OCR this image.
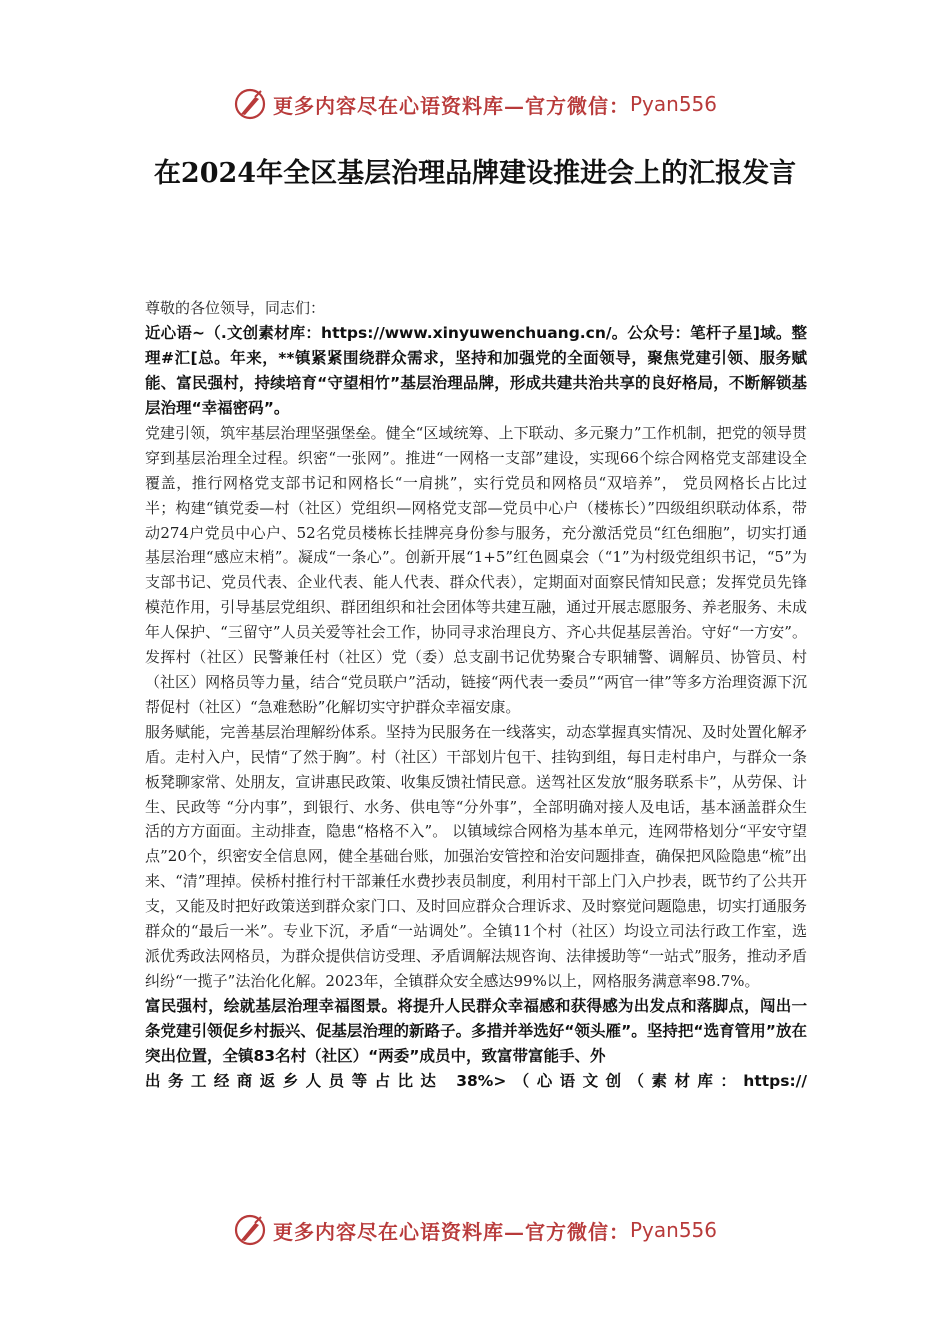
更多内容尽在心语资料库—官方微信： Pyan556
在2024年全区基层治理品牌建设推进会上的汇报发言

尊敬的各位领导，同志们：

近心语~（.文创素材库：https://www.xinyuwenchuang.cn/。公众号：笔杆子星]域。整理#汇[总。年来，**镇紧紧围绕群众需求，坚持和加强党的全面领导，聚焦党建引领、服务赋能、富民强村，持续培育“守望相竹”基层治理品牌，形成共建共治共享的良好格局，不断解锁基层治理“幸福密码”。

党建引领，筑牢基层治理坚强堡垒。健全“区域统筹、上下联动、多元聚力”工作机制，把党的领导贯穿到基层治理全过程。织密“一张网”。推进“一网格一支部”建设，实现66个综合网格党支部建设全覆盖，推行网格党支部书记和网格长“一肩挑”，实行党员和网格员“双培养”， 党员网格长占比过半；构建“镇党委—村（社区）党组织—网格党支部—党员中心户（楼栋长）”四级组织联动体系，带动274户党员中心户、52名党员楼栋长挂牌亮身份参与服务，充分激活党员“红色细胞”，切实打通基层治理“感应末梢”。凝成“一条心”。创新开展“1+5”红色圆桌会（“1”为村级党组织书记，“5”为支部书记、党员代表、企业代表、能人代表、群众代表），定期面对面察民情知民意；发挥党员先锋模范作用，引导基层党组织、群团组织和社会团体等共建互融，通过开展志愿服务、养老服务、未成年人保护、“三留守”人员关爱等社会工作，协同寻求治理良方、齐心共促基层善治。守好“一方安”。发挥村（社区）民警兼任村（社区）党（委）总支副书记优势聚合专职辅警、调解员、协管员、村（社区）网格员等力量，结合“党员联户”活动，链接“两代表一委员”“两官一律”等多方治理资源下沉帮促村（社区）“急难愁盼”化解切实守护群众幸福安康。

服务赋能，完善基层治理解纷体系。坚持为民服务在一线落实，动态掌握真实情况、及时处置化解矛盾。走村入户，民情“了然于胸”。村（社区）干部划片包干、挂钩到组，每日走村串户，与群众一条板凳聊家常、处朋友，宣讲惠民政策、收集反馈社情民意。送驾社区发放“服务联系卡”，从劳保、计生、民政等 “分内事”，到银行、水务、供电等“分外事”，全部明确对接人及电话，基本涵盖群众生活的方方面面。主动排查，隐患“格格不入”。 以镇域综合网格为基本单元，连网带格划分“平安守望点”20个，织密安全信息网，健全基础台账，加强治安管控和治安问题排查，确保把风险隐患“梳”出来、“清”理掉。侯桥村推行村干部兼任水费抄表员制度，利用村干部上门入户抄表，既节约了公共开支，又能及时把好政策送到群众家门口、及时回应群众合理诉求、及时察觉问题隐患，切实打通服务群众的“最后一米”。专业下沉，矛盾“一站调处”。全镇11个村（社区）均设立司法行政工作室，选派优秀政法网格员，为群众提供信访受理、矛盾调解法规咨询、法律援助等“一站式”服务，推动矛盾纠纷“一揽子”法治化化解。2023年，全镇群众安全感达99%以上，网格服务满意率98.7%。

富民强村，绘就基层治理幸福图景。将提升人民群众幸福感和获得感为出发点和落脚点，闯出一条党建引领促乡村振兴、促基层治理的新路子。多措并举选好“领头雁”。坚持把“选育管用”放在突出位置，全镇83名村（社区）“两委”成员中，致富带富能手、外

出务工经商返乡人员等占比达 38%>（心语文创（素材库：https://

更多内容尽在心语资料库—官方微信： Pyan556
